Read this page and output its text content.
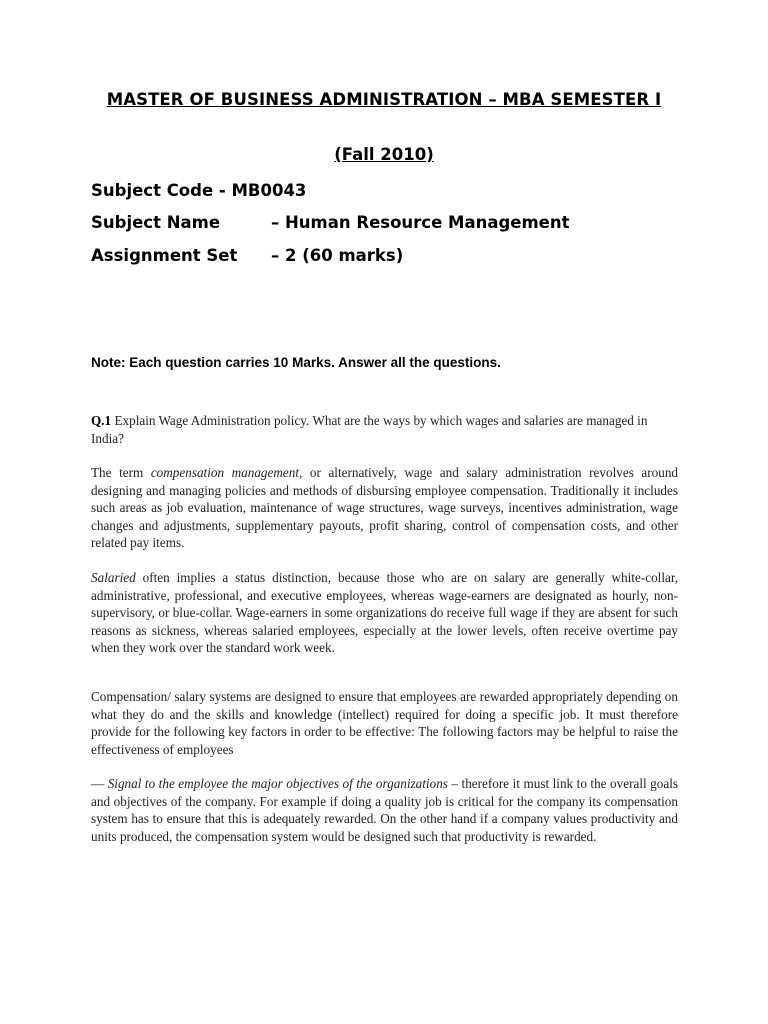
MASTER OF BUSINESS ADMINISTRATION – MBA SEMESTER I
(Fall 2010)
Subject Code - MB0043
Subject Name	– Human Resource Management
Assignment Set – 2 (60 marks)
Note: Each question carries 10 Marks. Answer all the questions.
Q.1 Explain Wage Administration policy. What are the ways by which wages and salaries are managed in India?
The term compensation management, or alternatively, wage and salary administration revolves around designing and managing policies and methods of disbursing employee compensation. Traditionally it includes such areas as job evaluation, maintenance of wage structures, wage surveys, incentives administration, wage changes and adjustments, supplementary payouts, profit sharing, control of compensation costs, and other related pay items.
Salaried often implies a status distinction, because those who are on salary are generally white-collar, administrative, professional, and executive employees, whereas wage-earners are designated as hourly, non-supervisory, or blue-collar. Wage-earners in some organizations do receive full wage if they are absent for such reasons as sickness, whereas salaried employees, especially at the lower levels, often receive overtime pay when they work over the standard work week.
Compensation/ salary systems are designed to ensure that employees are rewarded appropriately depending on what they do and the skills and knowledge (intellect) required for doing a specific job. It must therefore provide for the following key factors in order to be effective: The following factors may be helpful to raise the effectiveness of employees
— Signal to the employee the major objectives of the organizations – therefore it must link to the overall goals and objectives of the company. For example if doing a quality job is critical for the company its compensation system has to ensure that this is adequately rewarded. On the other hand if a company values productivity and units produced, the compensation system would be designed such that productivity is rewarded.
